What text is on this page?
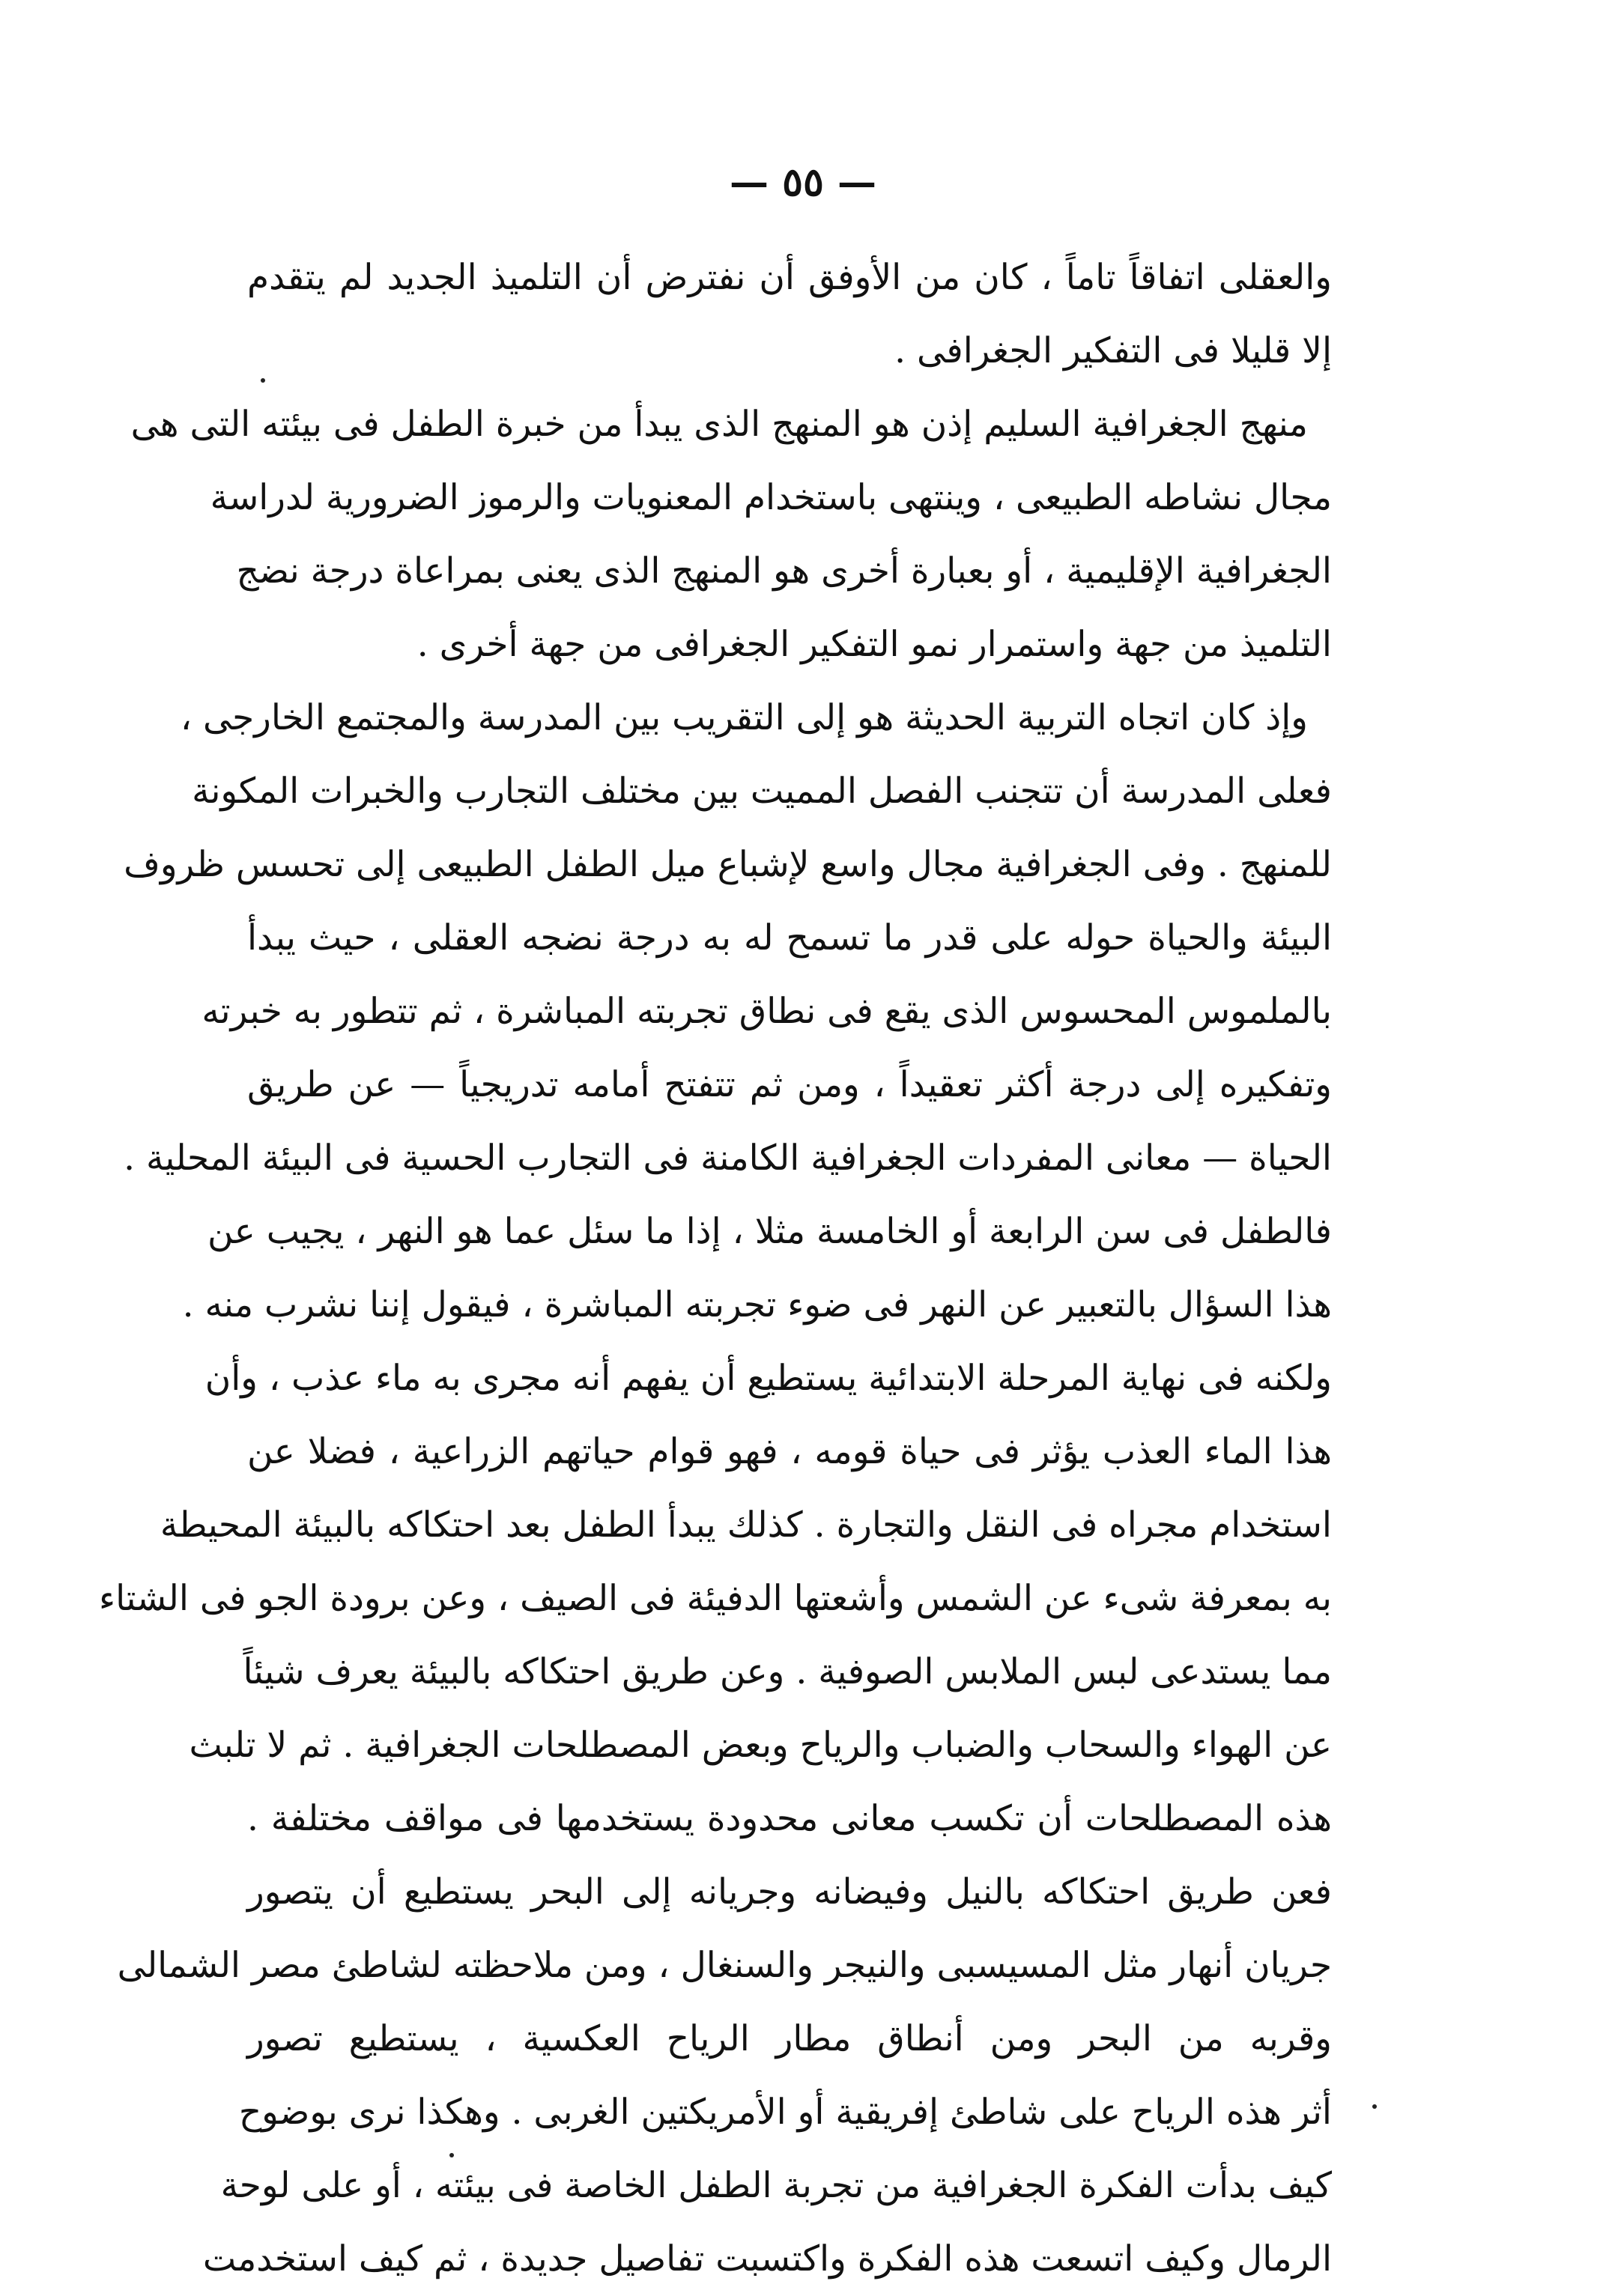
— ٥٥ —
والعقلى اتفاقاً تاماً ، كان من الأوفق أن نفترض أن التلميذ الجديد لم يتقدم
إلا قليلا فى التفكير الجغرافى .
منهج الجغرافية السليم إذن هو المنهج الذى يبدأ من خبرة الطفل فى بيئته التى هى
مجال نشاطه الطبيعى ، وينتهى باستخدام المعنويات والرموز الضرورية لدراسة
الجغرافية الإقليمية ، أو بعبارة أخرى هو المنهج الذى يعنى بمراعاة درجة نضج
التلميذ من جهة واستمرار نمو التفكير الجغرافى من جهة أخرى .
وإذ كان اتجاه التربية الحديثة هو إلى التقريب بين المدرسة والمجتمع الخارجى ،
فعلى المدرسة أن تتجنب الفصل المميت بين مختلف التجارب والخبرات المكونة
للمنهج . وفى الجغرافية مجال واسع لإشباع ميل الطفل الطبيعى إلى تحسس ظروف
البيئة والحياة حوله على قدر ما تسمح له به درجة نضجه العقلى ، حيث يبدأ
بالملموس المحسوس الذى يقع فى نطاق تجربته المباشرة ، ثم تتطور به خبرته
وتفكيره إلى درجة أكثر تعقيداً ، ومن ثم تتفتح أمامه تدريجياً — عن طريق
الحياة — معانى المفردات الجغرافية الكامنة فى التجارب الحسية فى البيئة المحلية .
فالطفل فى سن الرابعة أو الخامسة مثلا ، إذا ما سئل عما هو النهر ، يجيب عن
هذا السؤال بالتعبير عن النهر فى ضوء تجربته المباشرة ، فيقول إننا نشرب منه .
ولكنه فى نهاية المرحلة الابتدائية يستطيع أن يفهم أنه مجرى به ماء عذب ، وأن
هذا الماء العذب يؤثر فى حياة قومه ، فهو قوام حياتهم الزراعية ، فضلا عن
استخدام مجراه فى النقل والتجارة . كذلك يبدأ الطفل بعد احتكاكه بالبيئة المحيطة
به بمعرفة شىء عن الشمس وأشعتها الدفيئة فى الصيف ، وعن برودة الجو فى الشتاء
مما يستدعى لبس الملابس الصوفية . وعن طريق احتكاكه بالبيئة يعرف شيئاً
عن الهواء والسحاب والضباب والرياح وبعض المصطلحات الجغرافية . ثم لا تلبث
هذه المصطلحات أن تكسب معانى محدودة يستخدمها فى مواقف مختلفة .
فعن طريق احتكاكه بالنيل وفيضانه وجريانه إلى البحر يستطيع أن يتصور
جريان أنهار مثل المسيسبى والنيجر والسنغال ، ومن ملاحظته لشاطئ مصر الشمالى
وقربه من البحر ومن أنطاق مطار الرياح العكسية ، يستطيع تصور
أثر هذه الرياح على شاطئ إفريقية أو الأمريكتين الغربى . وهكذا نرى بوضوح
كيف بدأت الفكرة الجغرافية من تجربة الطفل الخاصة فى بيئته ، أو على لوحة
الرمال وكيف اتسعت هذه الفكرة واكتسبت تفاصيل جديدة ، ثم كيف استخدمت
